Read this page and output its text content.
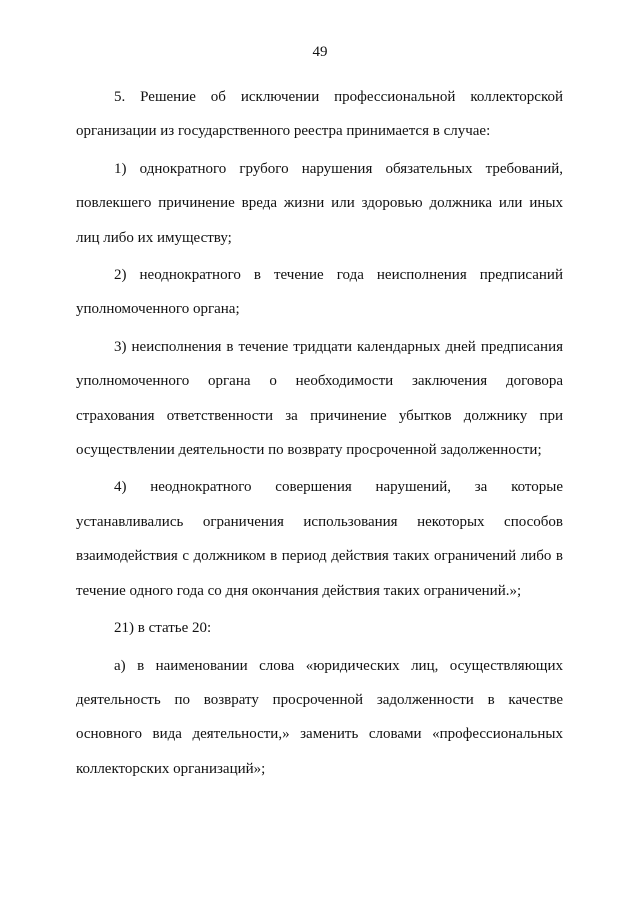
49

5. Решение об исключении профессиональной коллекторской организации из государственного реестра принимается в случае:

1) однократного грубого нарушения обязательных требований, повлекшего причинение вреда жизни или здоровью должника или иных лиц либо их имуществу;

2) неоднократного в течение года неисполнения предписаний уполномоченного органа;

3) неисполнения в течение тридцати календарных дней предписания уполномоченного органа о необходимости заключения договора страхования ответственности за причинение убытков должнику при осуществлении деятельности по возврату просроченной задолженности;

4) неоднократного совершения нарушений, за которые устанавливались ограничения использования некоторых способов взаимодействия с должником в период действия таких ограничений либо в течение одного года со дня окончания действия таких ограничений.»;

21) в статье 20:

а) в наименовании слова «юридических лиц, осуществляющих деятельность по возврату просроченной задолженности в качестве основного вида деятельности,» заменить словами «профессиональных коллекторских организаций»;
